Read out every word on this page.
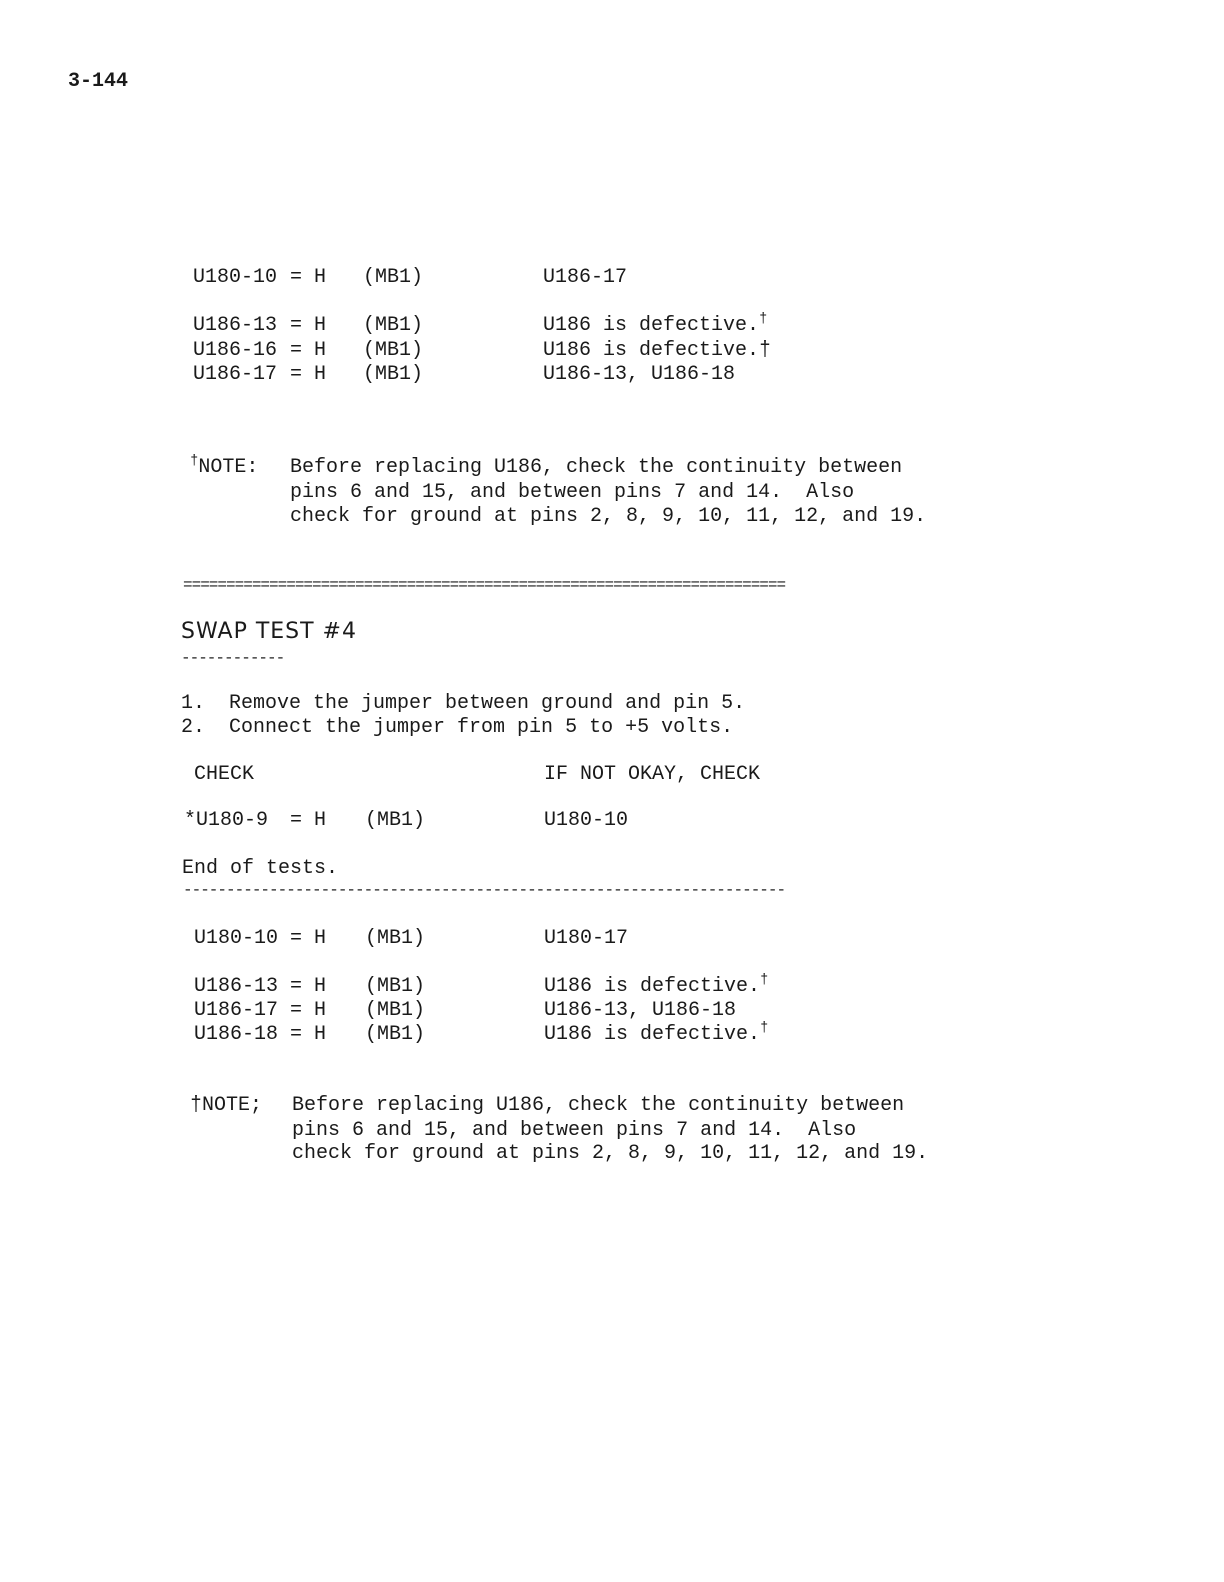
3-144
U180-10 = H (MB1)	U186-17
U186-13 = H (MB1)	U186 is defective.†
U186-16 = H (MB1)	U186 is defective.†
U186-17 = H (MB1)	U186-13, U186-18
†NOTE: Before replacing U186, check the continuity between
pins 6 and 15, and between pins 7 and 14.  Also
check for ground at pins 2, 8, 9, 10, 11, 12, and 19.
======================================================================
SWAP TEST #4
------------
1.  Remove the jumper between ground and pin 5.
2.  Connect the jumper from pin 5 to +5 volts.
CHECK	IF NOT OKAY, CHECK
*U180-9 = H (MB1)	U180-10
End of tests.
----------------------------------------------------------------------
U180-10 = H (MB1)	U180-17
U186-13 = H (MB1)	U186 is defective.†
U186-17 = H (MB1)	U186-13, U186-18
U186-18 = H (MB1)	U186 is defective.†
†NOTE; Before replacing U186, check the continuity between
pins 6 and 15, and between pins 7 and 14.  Also
check for ground at pins 2, 8, 9, 10, 11, 12, and 19.
